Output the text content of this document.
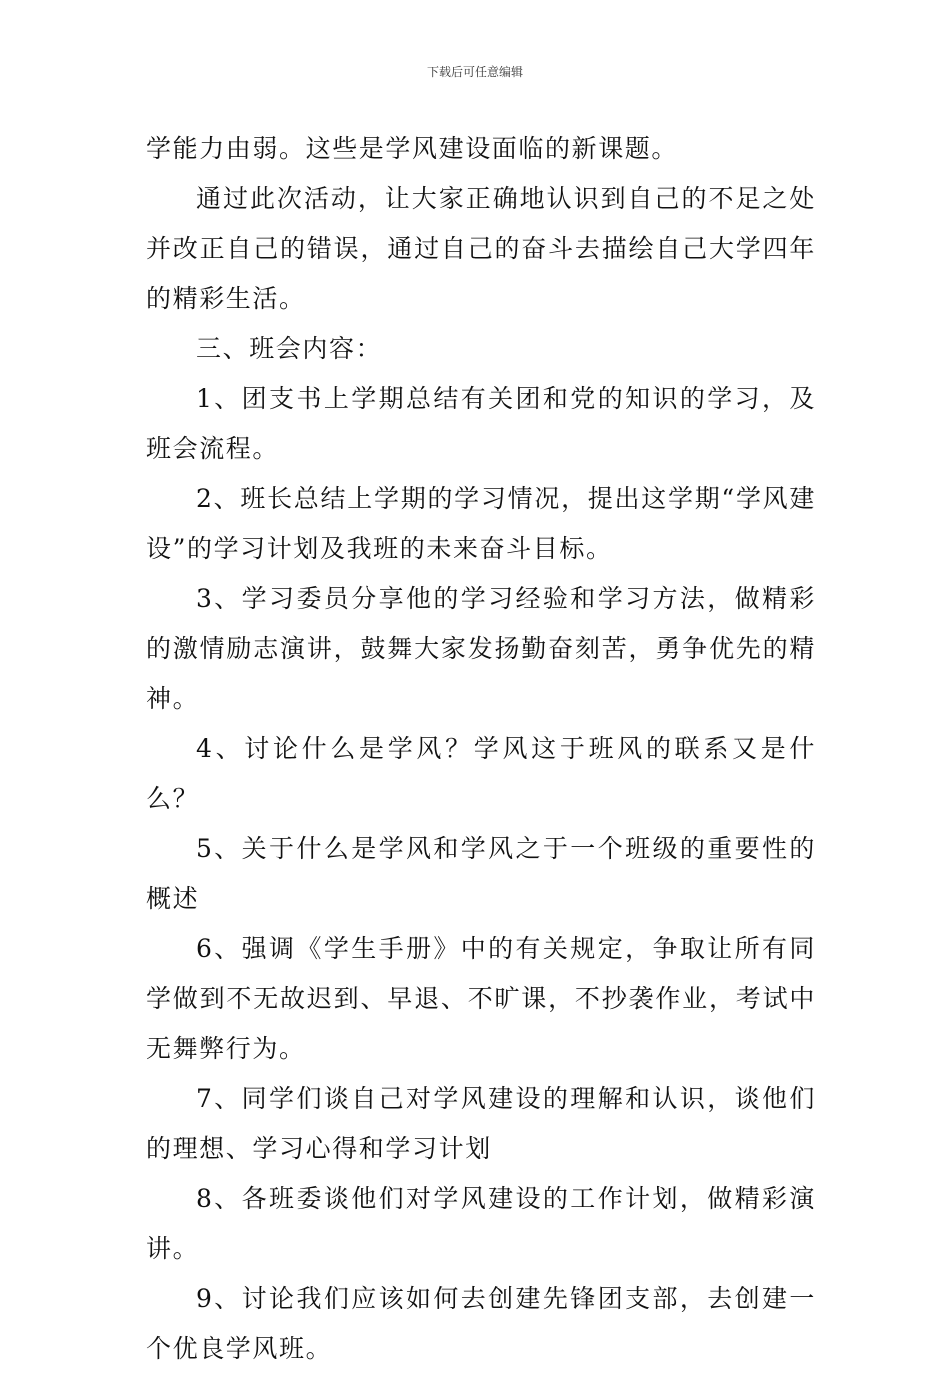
下载后可任意编辑

学能力由弱。这些是学风建设面临的新课题。

通过此次活动，让大家正确地认识到自己的不足之处并改正自己的错误，通过自己的奋斗去描绘自己大学四年的精彩生活。

三、班会内容：

1、团支书上学期总结有关团和党的知识的学习，及班会流程。

2、班长总结上学期的学习情况，提出这学期“学风建设”的学习计划及我班的未来奋斗目标。

3、学习委员分享他的学习经验和学习方法，做精彩的激情励志演讲，鼓舞大家发扬勤奋刻苦，勇争优先的精神。

4、讨论什么是学风？学风这于班风的联系又是什么？

5、关于什么是学风和学风之于一个班级的重要性的概述

6、强调《学生手册》中的有关规定，争取让所有同学做到不无故迟到、早退、不旷课，不抄袭作业，考试中无舞弊行为。

7、同学们谈自己对学风建设的理解和认识，谈他们的理想、学习心得和学习计划

8、各班委谈他们对学风建设的工作计划，做精彩演讲。

9、讨论我们应该如何去创建先锋团支部，去创建一个优良学风班。
